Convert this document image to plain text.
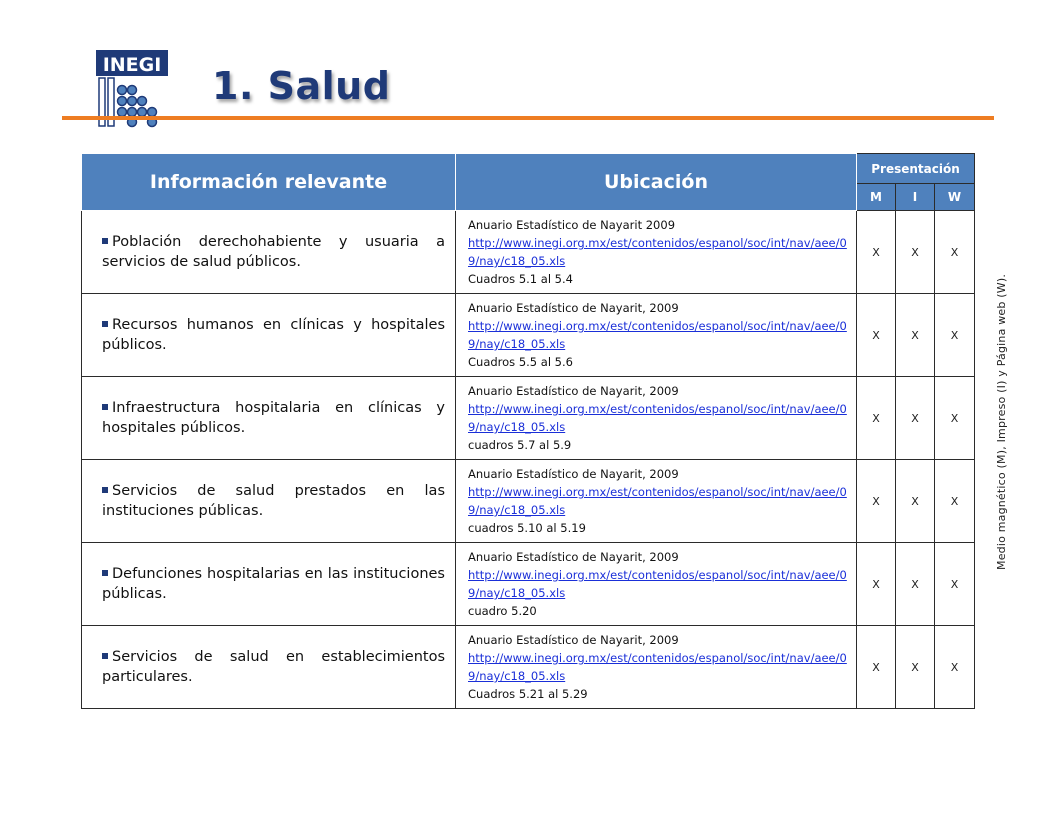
INEGI 1. Salud
Información relevante	Ubicación	Presentación		
		M	I	W

Población derechohabiente y usuaria a servicios de salud públicos.	Anuario Estadístico de Nayarit 2009
http://www.inegi.org.mx/est/contenidos/espanol/soc/int/nav/aee/09/nay/c18_05.xls
Cuadros 5.1 al 5.4	X	X	X

Recursos humanos en clínicas y hospitales públicos.	Anuario Estadístico de Nayarit, 2009
http://www.inegi.org.mx/est/contenidos/espanol/soc/int/nav/aee/09/nay/c18_05.xls
Cuadros 5.5 al 5.6	X	X	X

Infraestructura hospitalaria en clínicas y hospitales públicos.	Anuario Estadístico de Nayarit, 2009
http://www.inegi.org.mx/est/contenidos/espanol/soc/int/nav/aee/09/nay/c18_05.xls
cuadros 5.7 al 5.9	X	X	X

Servicios de salud prestados en las instituciones públicas.	Anuario Estadístico de Nayarit, 2009
http://www.inegi.org.mx/est/contenidos/espanol/soc/int/nav/aee/09/nay/c18_05.xls
cuadros 5.10 al 5.19	X	X	X

Defunciones hospitalarias en las instituciones públicas.	Anuario Estadístico de Nayarit, 2009
http://www.inegi.org.mx/est/contenidos/espanol/soc/int/nav/aee/09/nay/c18_05.xls
cuadro 5.20	X	X	X

Servicios de salud en establecimientos particulares.	Anuario Estadístico de Nayarit, 2009
http://www.inegi.org.mx/est/contenidos/espanol/soc/int/nav/aee/09/nay/c18_05.xls
Cuadros 5.21 al 5.29	X	X	X
Medio magnético (M), Impreso (I) y Página web (W).
